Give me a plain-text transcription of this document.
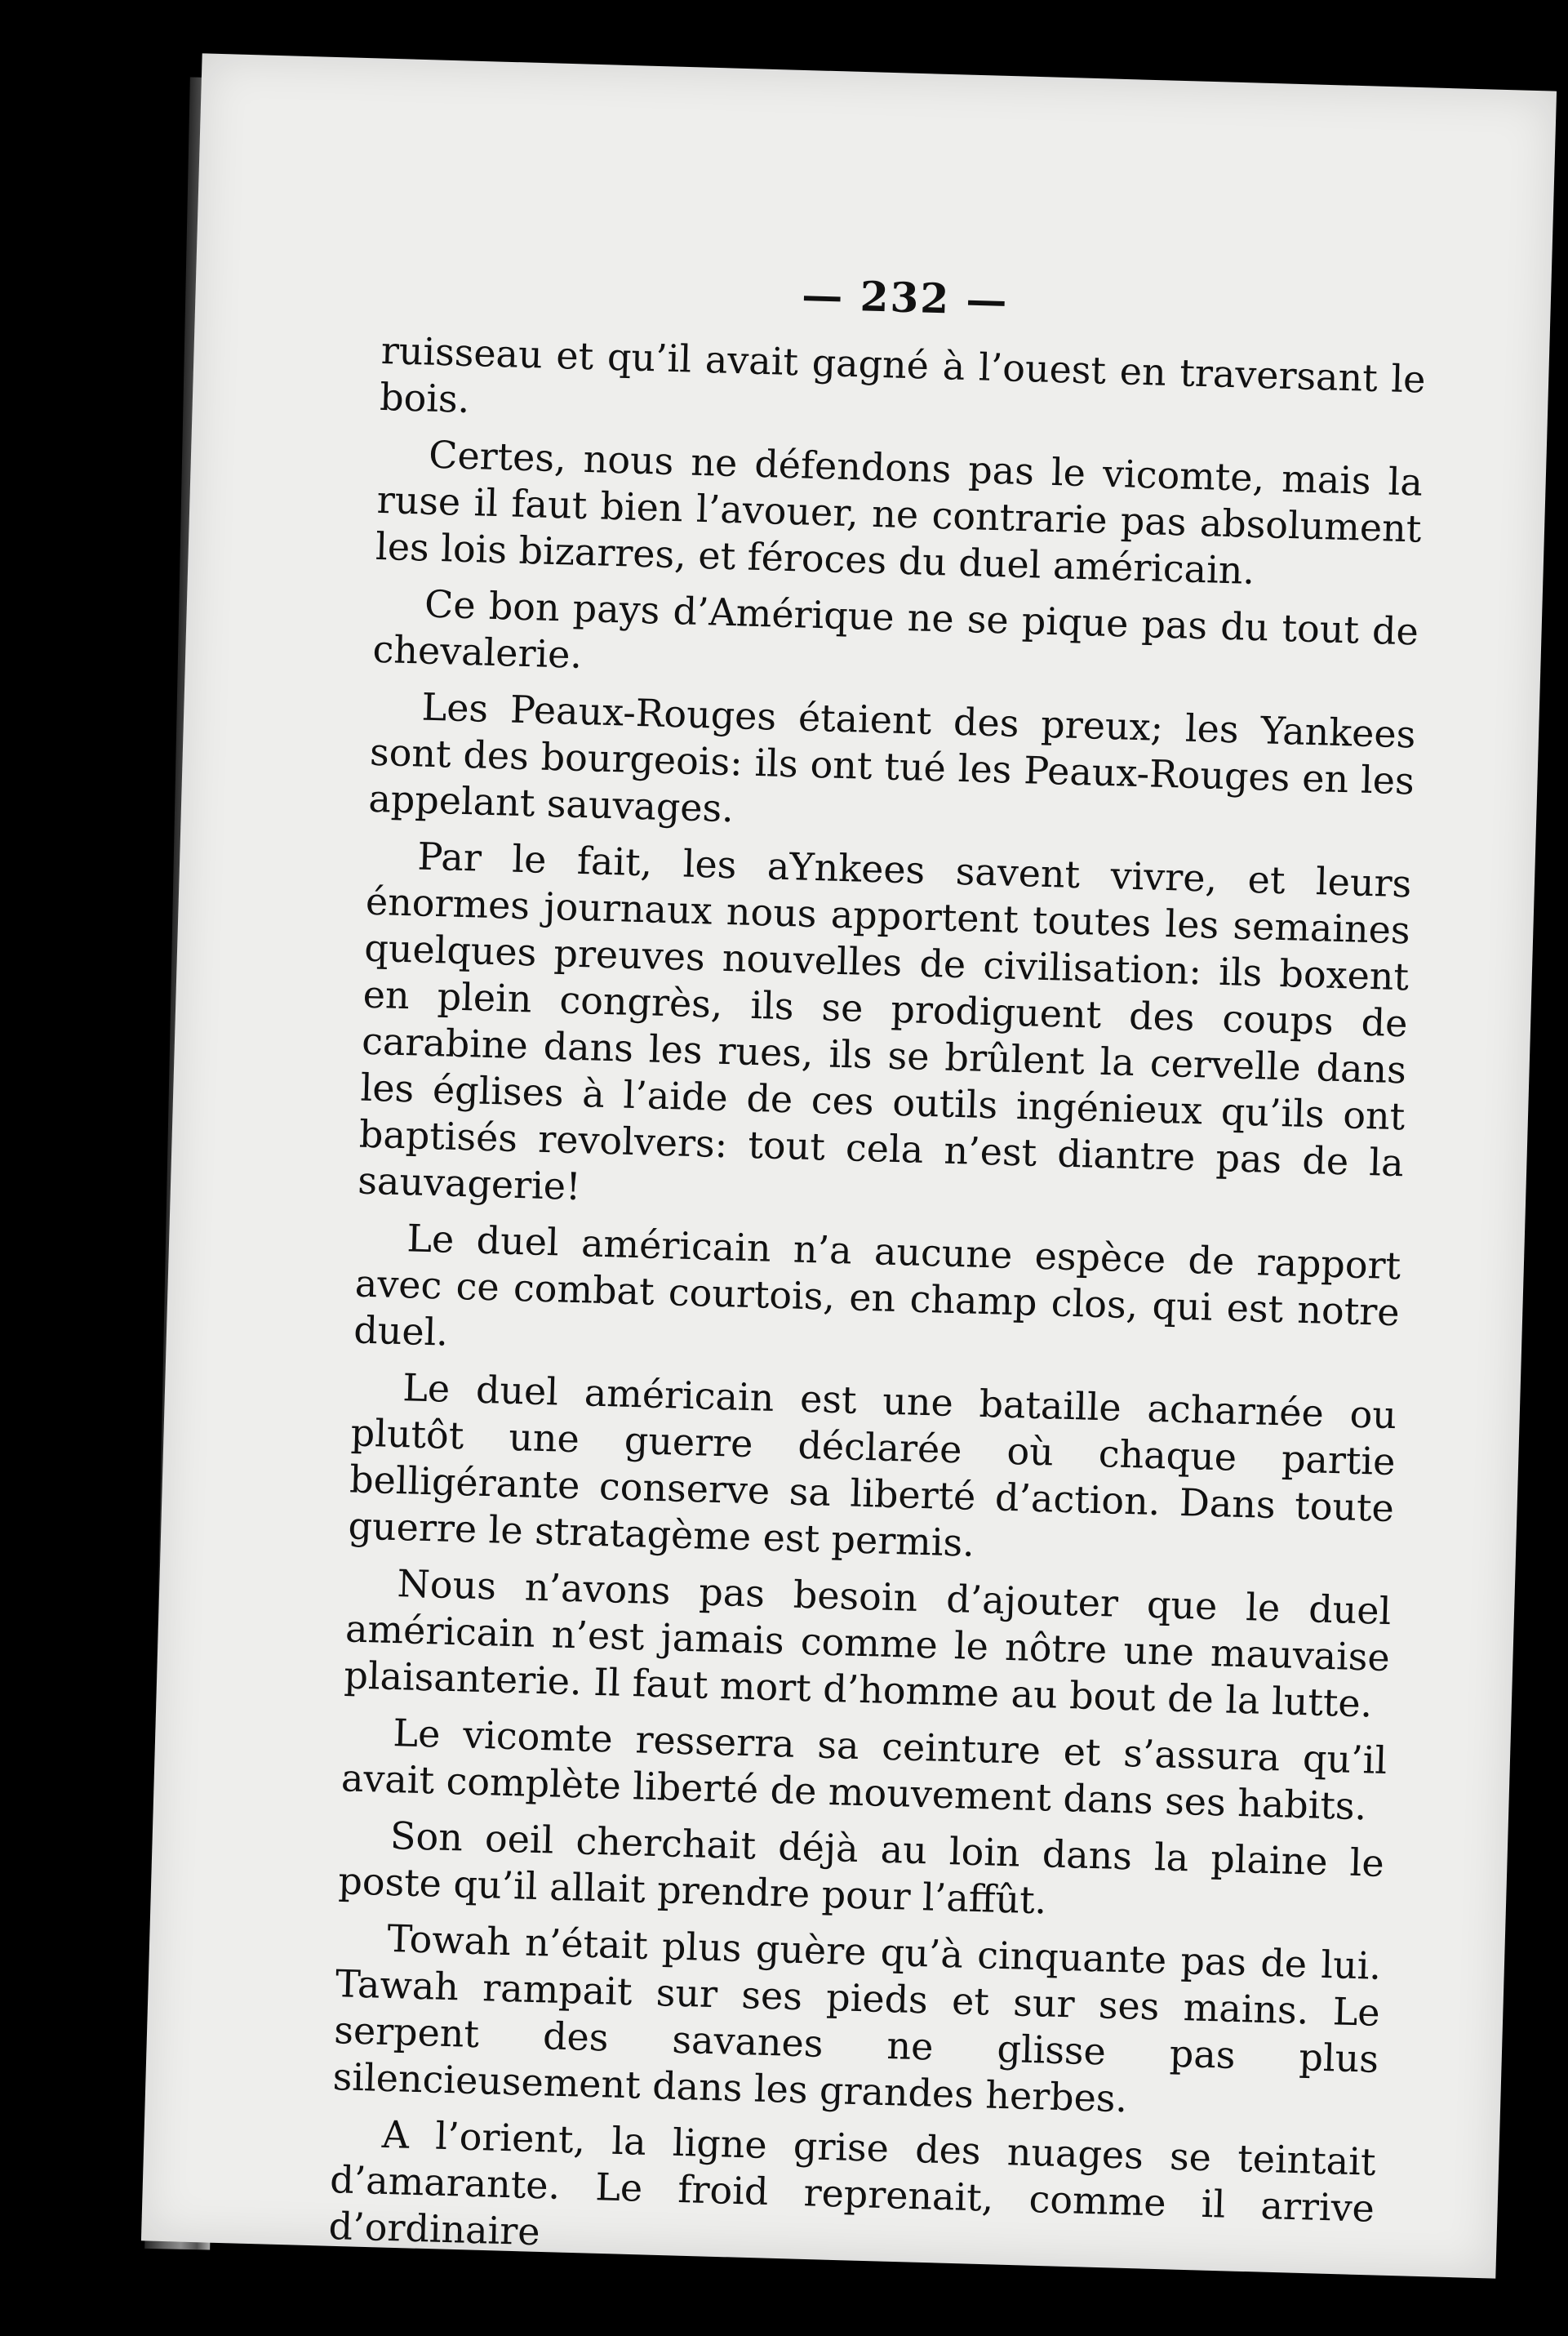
— 232 —

ruisseau et qu’il avait gagné à l’ouest en traversant le bois.

Certes, nous ne défendons pas le vicomte, mais la ruse il faut bien l’avouer, ne contrarie pas absolument les lois bizarres, et féroces du duel américain.

Ce bon pays d’Amérique ne se pique pas du tout de chevalerie.

Les Peaux-Rouges étaient des preux; les Yankees sont des bourgeois: ils ont tué les Peaux-Rouges en les appelant sauvages.

Par le fait, les aYnkees savent vivre, et leurs énormes journaux nous apportent toutes les semaines quelques preuves nouvelles de civilisation: ils boxent en plein congrès, ils se prodiguent des coups de carabine dans les rues, ils se brûlent la cervelle dans les églises à l’aide de ces outils ingénieux qu’ils ont baptisés revolvers: tout cela n’est diantre pas de la sauvagerie!

Le duel américain n’a aucune espèce de rapport avec ce combat courtois, en champ clos, qui est notre duel.

Le duel américain est une bataille acharnée ou plutôt une guerre déclarée où chaque partie belligérante conserve sa liberté d’action. Dans toute guerre le stratagème est permis.

Nous n’avons pas besoin d’ajouter que le duel américain n’est jamais comme le nôtre une mauvaise plaisanterie. Il faut mort d’homme au bout de la lutte.

Le vicomte resserra sa ceinture et s’assura qu’il avait complète liberté de mouvement dans ses habits.

Son oeil cherchait déjà au loin dans la plaine le poste qu’il allait prendre pour l’affût.

Towah n’était plus guère qu’à cinquante pas de lui. Tawah rampait sur ses pieds et sur ses mains. Le serpent des savanes ne glisse pas plus silencieusement dans les grandes herbes.

A l’orient, la ligne grise des nuages se teintait d’amarante. Le froid reprenait, comme il arrive d’ordinaire
